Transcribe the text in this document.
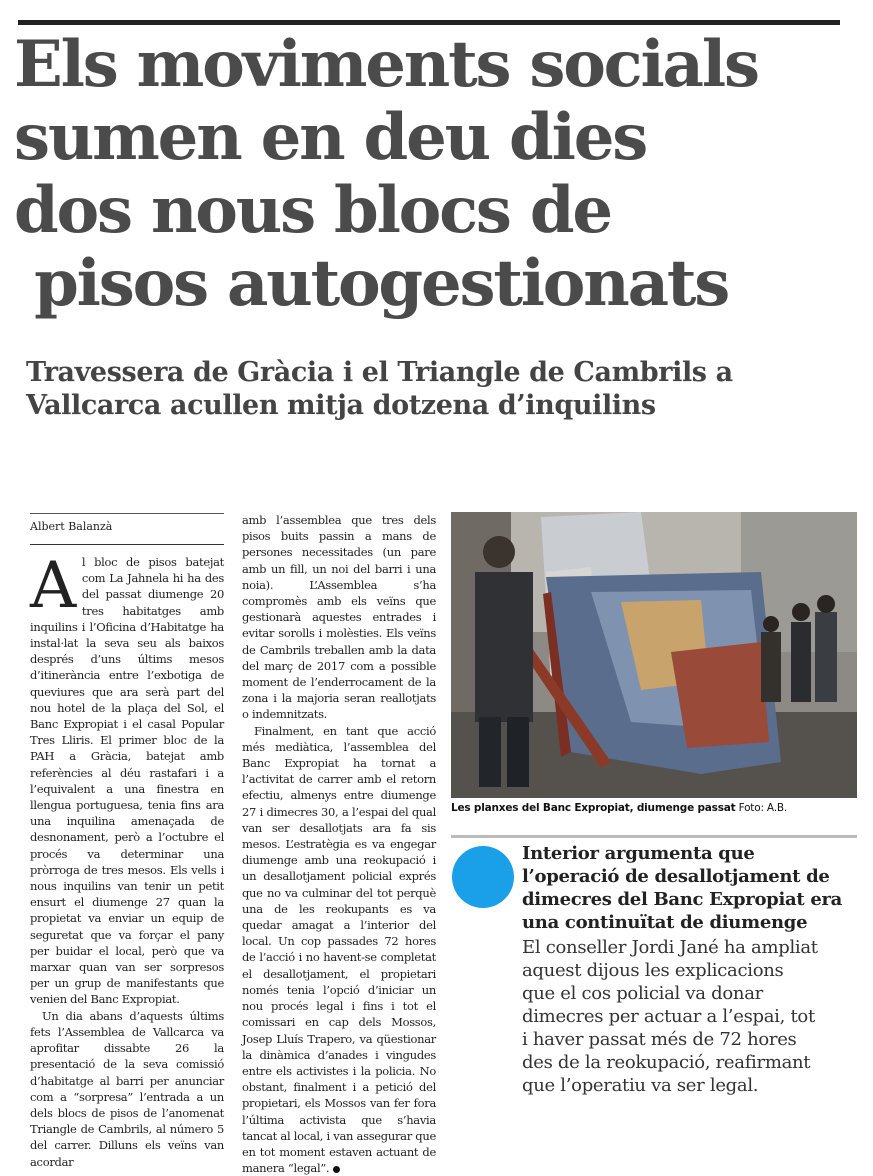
Els moviments socials
sumen en deu dies
dos nous blocs de
pisos autogestionats
Travessera de Gràcia i el Triangle de Cambrils a
Vallcarca acullen mitja dotzena d’inquilins
Albert Balanzà

Al bloc de pisos batejat com La Jahnela hi ha des del passat diumenge 20 tres habitatges amb inquilins i l’Oficina d’Habitatge ha instal·lat la seva seu als baixos després d’uns últims mesos d’itinerància entre l’exbotiga de queviures que ara serà part del nou hotel de la plaça del Sol, el Banc Expropiat i el casal Popular Tres Lliris. El primer bloc de la PAH a Gràcia, batejat amb referències al déu rastafari i a l’equivalent a una finestra en llengua portuguesa, tenia fins ara una inquilina amenaçada de desnonament, però a l’octubre el procés va determinar una pròrroga de tres mesos. Els vells i nous inquilins van tenir un petit ensurt el diumenge 27 quan la propietat va enviar un equip de seguretat que va forçar el pany per buidar el local, però que va marxar quan van ser sorpresos per un grup de manifestants que venien del Banc Expropiat.

Un dia abans d’aquests últims fets l’Assemblea de Vallcarca va aprofitar dissabte 26 la presentació de la seva comissió d’habitatge al barri per anunciar com a “sorpresa” l’entrada a un dels blocs de pisos de l’anomenat Triangle de Cambrils, al número 5 del carrer. Dilluns els veïns van acordar

amb l’assemblea que tres dels pisos buits passin a mans de persones necessitades (un pare amb un fill, un noi del barri i una noia). L’Assemblea s’ha compromès amb els veïns que gestionarà aquestes entrades i evitar sorolls i molèsties. Els veïns de Cambrils treballen amb la data del març de 2017 com a possible moment de l’enderrocament de la zona i la majoria seran reallotjats o indemnitzats.

Finalment, en tant que acció més mediàtica, l’assemblea del Banc Expropiat ha tornat a l’activitat de carrer amb el retorn efectiu, almenys entre diumenge 27 i dimecres 30, a l’espai del qual van ser desallotjats ara fa sis mesos. L’estratègia es va engegar diumenge amb una reokupació i un desallotjament policial exprés que no va culminar del tot perquè una de les reokupants es va quedar amagat a l’interior del local. Un cop passades 72 hores de l’acció i no havent-se completat el desallotjament, el propietari només tenia l’opció d’iniciar un nou procés legal i fins i tot el comissari en cap dels Mossos, Josep Lluís Trapero, va qüestionar la dinàmica d’anades i vingudes entre els activistes i la policia. No obstant, finalment i a petició del propietari, els Mossos van fer fora l’última activista que s’havia tancat al local, i van assegurar que en tot moment estaven actuant de manera “legal”.

Les planxes del Banc Expropiat, diumenge passat Foto: A.B.
Interior argumenta que
l’operació de desallotjament de
dimecres del Banc Expropiat era
una continuïtat de diumenge
El conseller Jordi Jané ha ampliat
aquest dijous les explicacions
que el cos policial va donar
dimecres per actuar a l’espai, tot
i haver passat més de 72 hores
des de la reokupació, reafirmant
que l’operatiu va ser legal.
